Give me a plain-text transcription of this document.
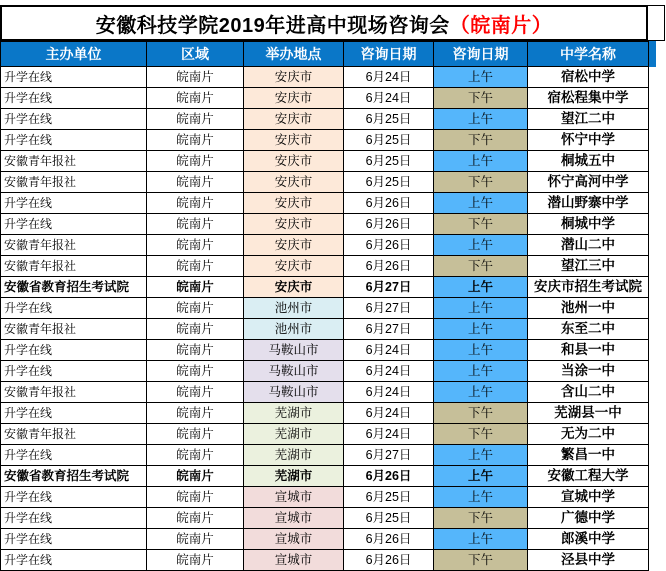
安徽科技学院2019年进高中现场咨询会 （皖南片）
主办单位	区域	举办地点	咨询日期	咨询日期	中学名称
升学在线	皖南片	安庆市	6月24日	上午	宿松中学
升学在线	皖南片	安庆市	6月24日	下午	宿松程集中学
升学在线	皖南片	安庆市	6月25日	上午	望江二中
升学在线	皖南片	安庆市	6月25日	下午	怀宁中学
安徽青年报社	皖南片	安庆市	6月25日	上午	桐城五中
安徽青年报社	皖南片	安庆市	6月25日	下午	怀宁高河中学
升学在线	皖南片	安庆市	6月26日	上午	潜山野寨中学
升学在线	皖南片	安庆市	6月26日	下午	桐城中学
安徽青年报社	皖南片	安庆市	6月26日	上午	潜山二中
安徽青年报社	皖南片	安庆市	6月26日	下午	望江三中
安徽省教育招生考试院	皖南片	安庆市	6月27日	上午	安庆市招生考试院
升学在线	皖南片	池州市	6月27日	上午	池州一中
安徽青年报社	皖南片	池州市	6月27日	上午	东至二中
升学在线	皖南片	马鞍山市	6月24日	上午	和县一中
升学在线	皖南片	马鞍山市	6月24日	上午	当涂一中
安徽青年报社	皖南片	马鞍山市	6月24日	上午	含山二中
升学在线	皖南片	芜湖市	6月24日	下午	芜湖县一中
安徽青年报社	皖南片	芜湖市	6月24日	下午	无为二中
升学在线	皖南片	芜湖市	6月27日	上午	繁昌一中
安徽省教育招生考试院	皖南片	芜湖市	6月26日	上午	安徽工程大学
升学在线	皖南片	宣城市	6月25日	上午	宣城中学
升学在线	皖南片	宣城市	6月25日	下午	广德中学
升学在线	皖南片	宣城市	6月26日	上午	郎溪中学
升学在线	皖南片	宣城市	6月26日	下午	泾县中学
